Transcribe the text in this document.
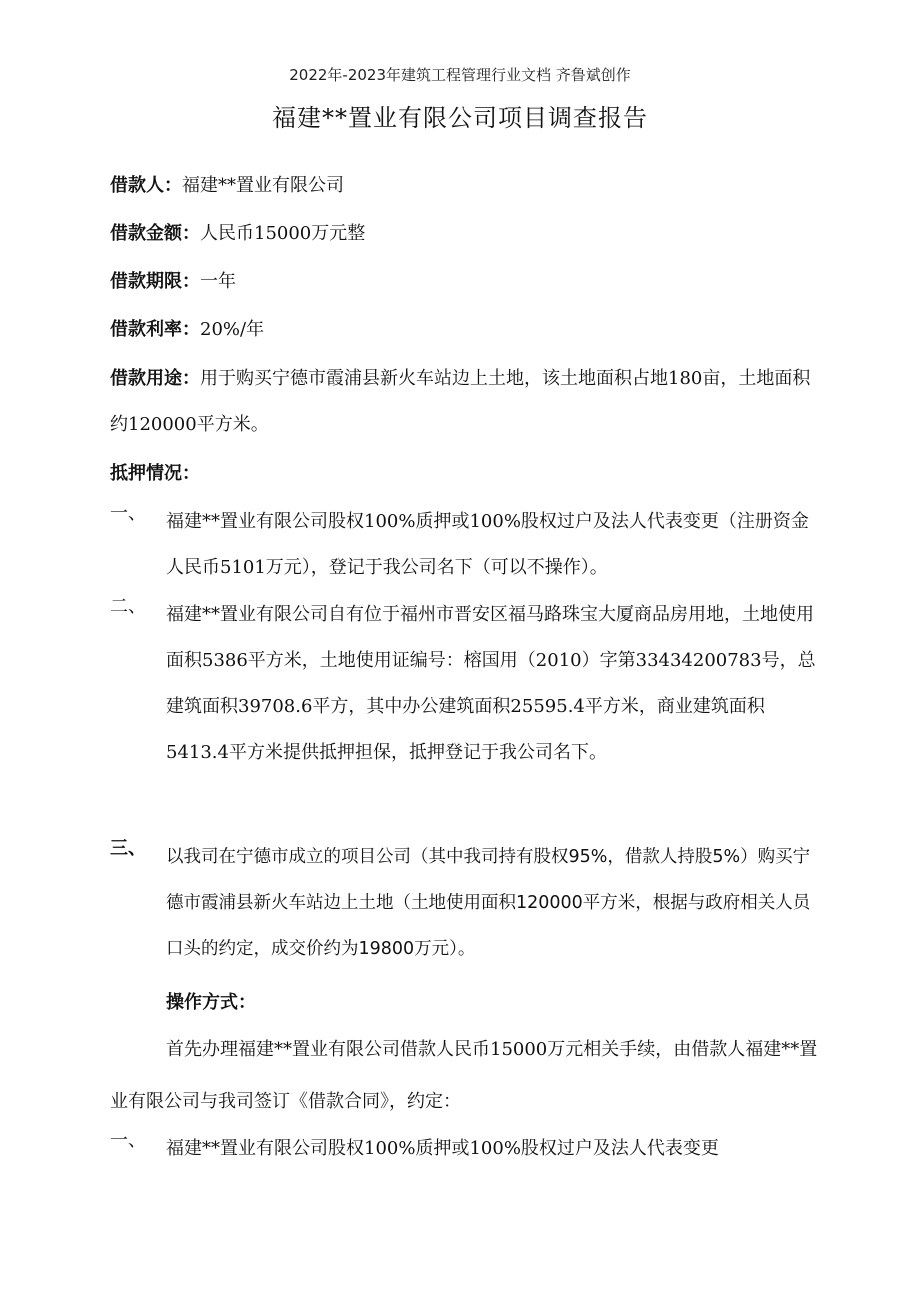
2022年-2023年建筑工程管理行业文档 齐鲁斌创作
福建**置业有限公司项目调查报告
借款人：福建**置业有限公司
借款金额：人民币15000万元整
借款期限：一年
借款利率：20%/年
借款用途：用于购买宁德市霞浦县新火车站边上土地，该土地面积占地180亩，土地面积约120000平方米。
抵押情况：
一、	福建**置业有限公司股权100%质押或100%股权过户及法人代表变更（注册资金人民币5101万元），登记于我公司名下（可以不操作）。
二、	福建**置业有限公司自有位于福州市晋安区福马路珠宝大厦商品房用地，土地使用面积5386平方米，土地使用证编号：榕国用（2010）字第33434200783号，总建筑面积39708.6平方，其中办公建筑面积25595.4平方米，商业建筑面积5413.4平方米提供抵押担保，抵押登记于我公司名下。
三、	以我司在宁德市成立的项目公司（其中我司持有股权95%，借款人持股5%）购买宁德市霞浦县新火车站边上土地（土地使用面积120000平方米，根据与政府相关人员口头的约定，成交价约为19800万元）。
操作方式：
首先办理福建**置业有限公司借款人民币15000万元相关手续，由借款人福建**置业有限公司与我司签订《借款合同》，约定：
一、	福建**置业有限公司股权100%质押或100%股权过户及法人代表变更
